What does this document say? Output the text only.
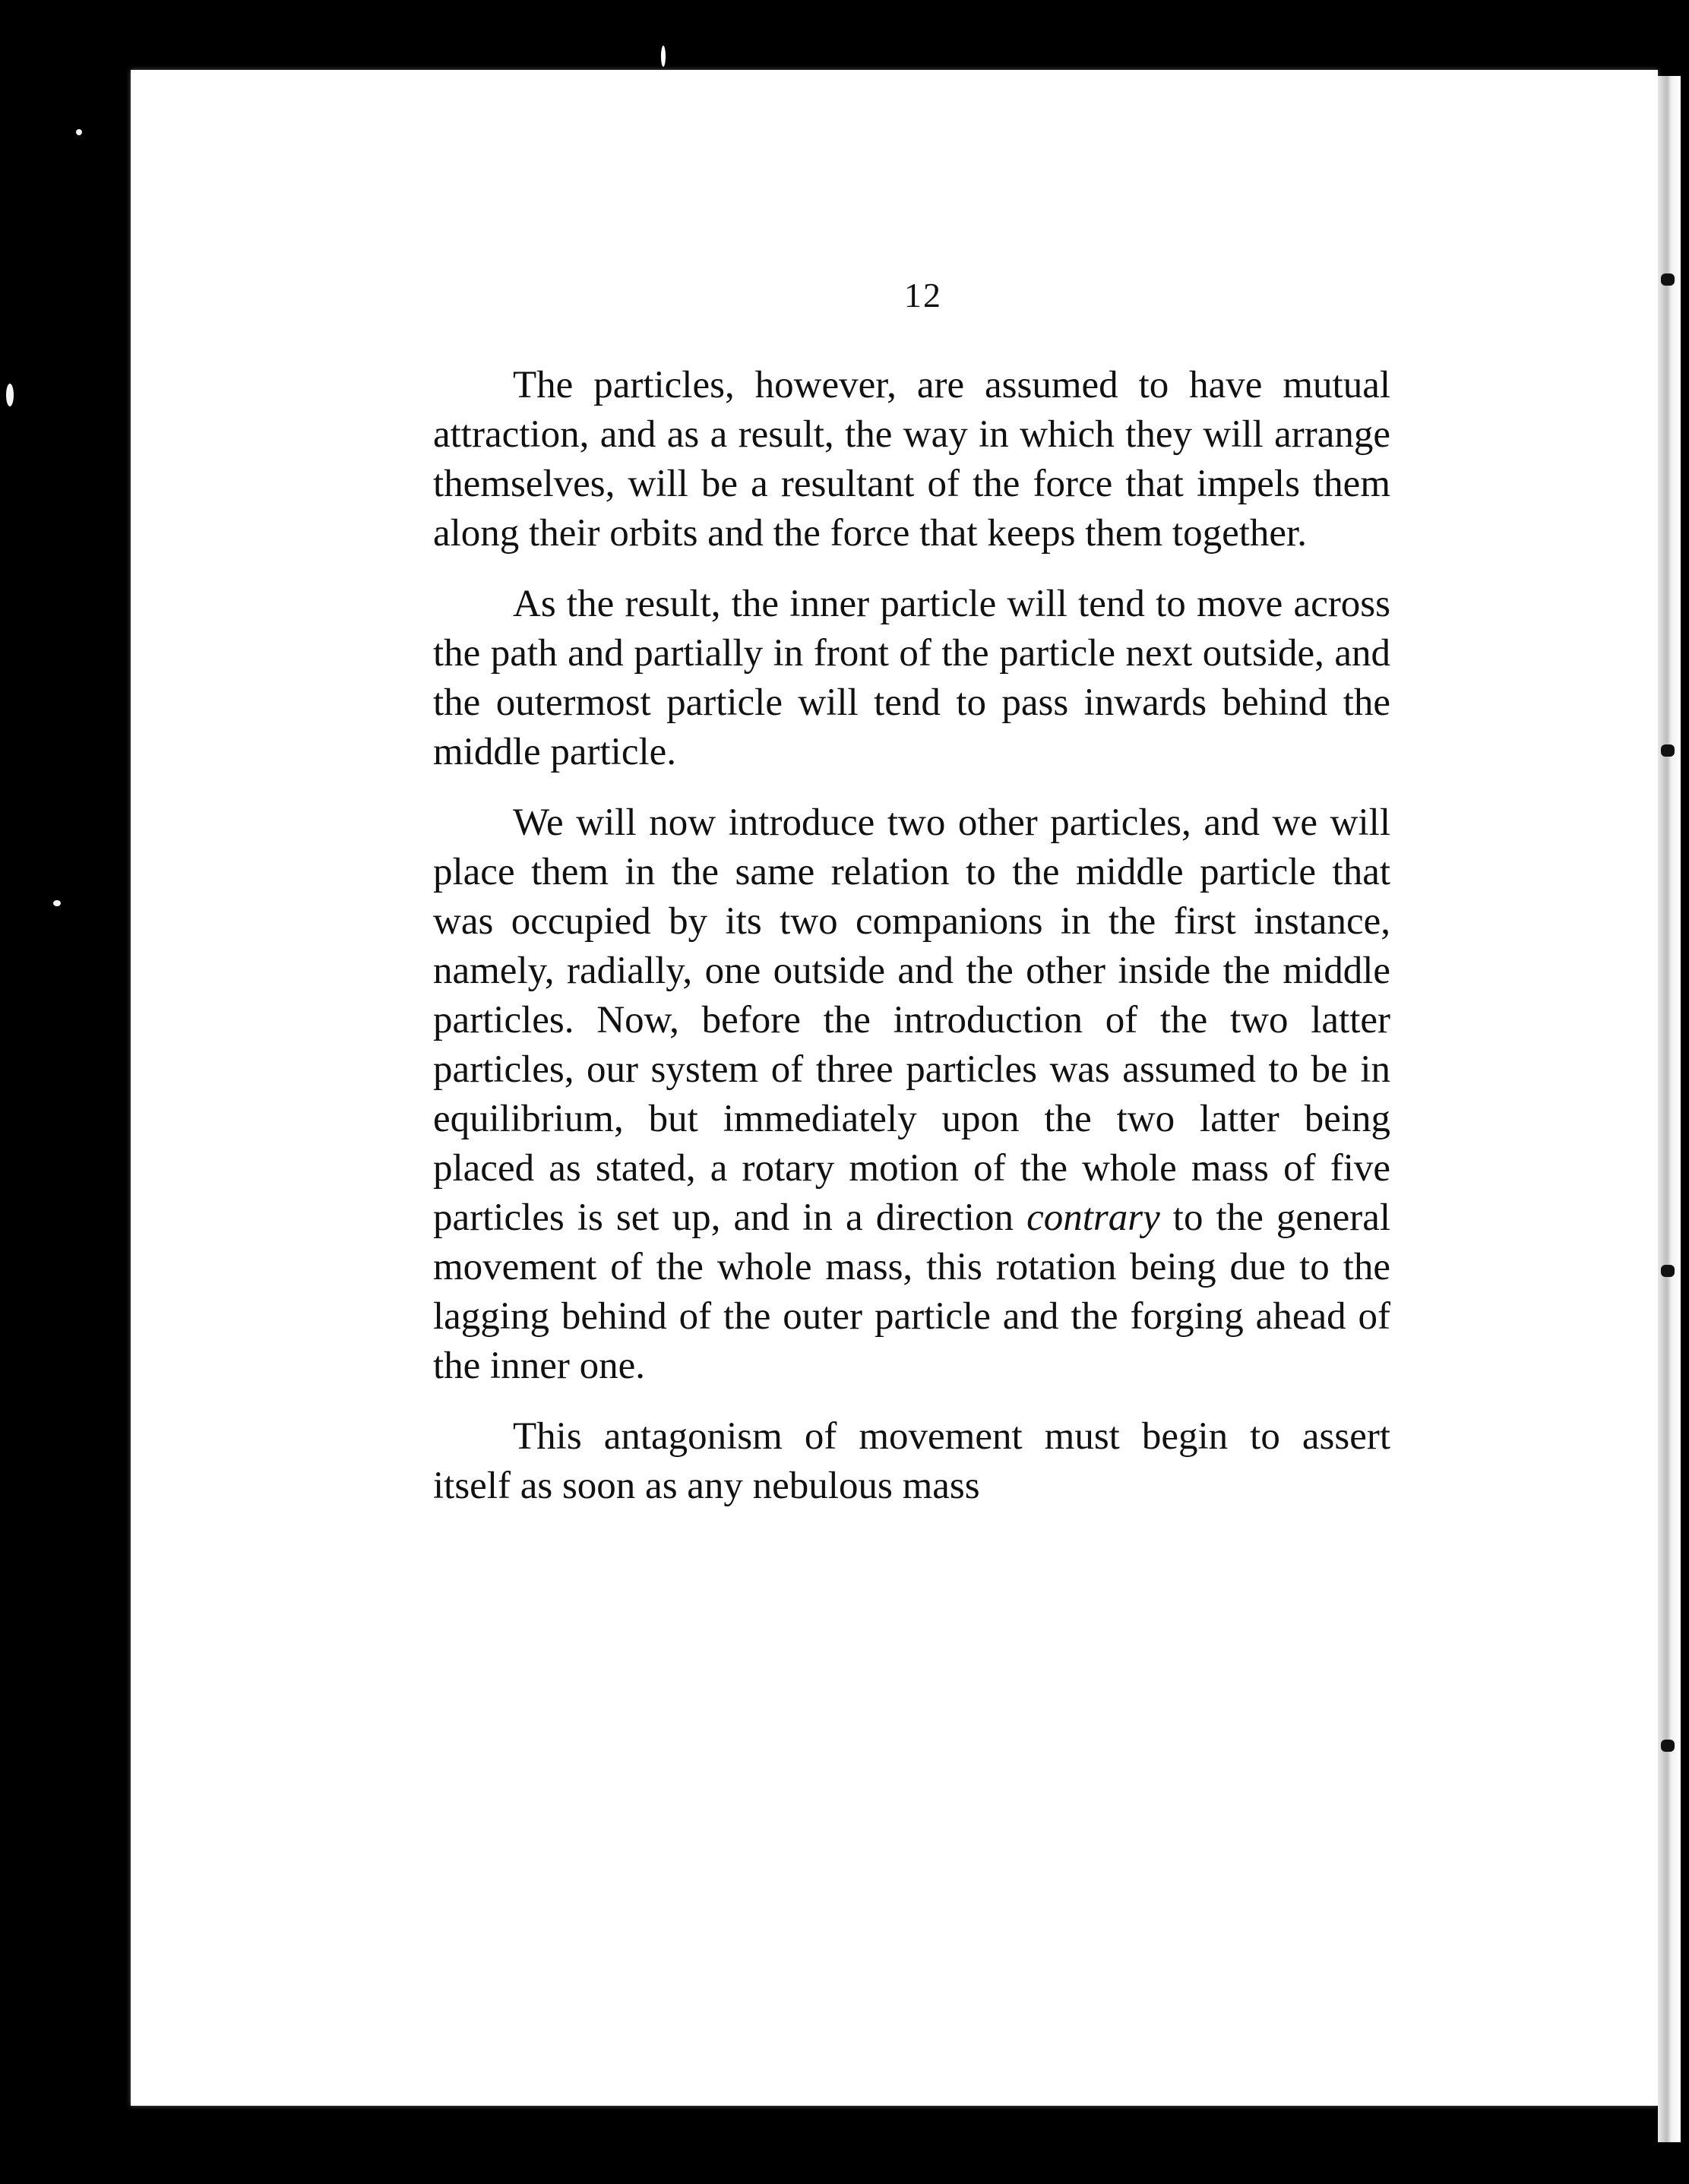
12

The particles, however, are assumed to have mutual attraction, and as a result, the way in which they will arrange themselves, will be a resultant of the force that impels them along their orbits and the force that keeps them together.

As the result, the inner particle will tend to move across the path and partially in front of the particle next outside, and the outermost particle will tend to pass inwards behind the middle particle.

We will now introduce two other particles, and we will place them in the same relation to the middle particle that was occupied by its two companions in the first instance, namely, radially, one outside and the other inside the middle particles. Now, before the introduction of the two latter particles, our system of three particles was assumed to be in equilibrium, but immediately upon the two latter being placed as stated, a rotary motion of the whole mass of five particles is set up, and in a direction contrary to the general movement of the whole mass, this rotation being due to the lagging behind of the outer particle and the forging ahead of the inner one.

This antagonism of movement must begin to assert itself as soon as any nebulous mass
